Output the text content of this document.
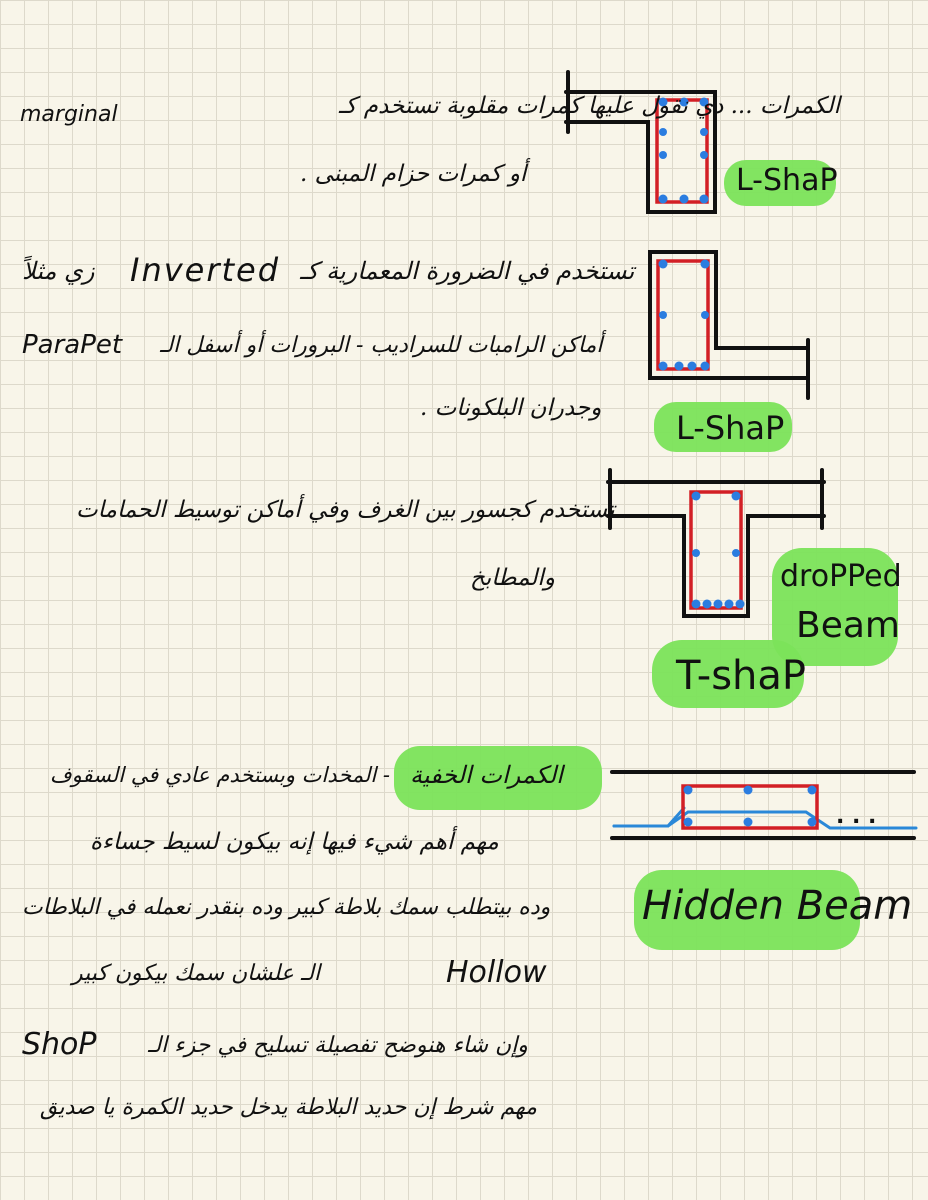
الكمرات ... دي نقول عليها كمرات مقلوبة تستخدم كـ
marginal
أو كمرات حزام المبنى .	L-ShaP
زي مثلاً Inverted تستخدم في الضرورة المعمارية كـ
ParaPet أماكن الرامبات للسراديب - البرورات أو أسفل الـ
وجدران البلكونات .
L-ShaP
تستخدم كجسور بين الغرف وفي أماكن توسيط الحمامات
والمطابخ	droPPed
Beam
T-shaP
الكمرات الخفية
- المخدات وبستخدم عادي في السقوف
مهم أهم شيء فيها إنه بيكون لسيط جساءة
وده بيتطلب سمك بلاطة كبير وده بنقدر نعمله في البلاطات
Hollow
الـ علشان سمك بيكون كبير
ShoP وإن شاء هنوضح تفصيلة تسليح في جزء الـ
مهم شرط إن حديد البلاطة يدخل حديد الكمرة يا صديق
Hidden Beam
. . .
